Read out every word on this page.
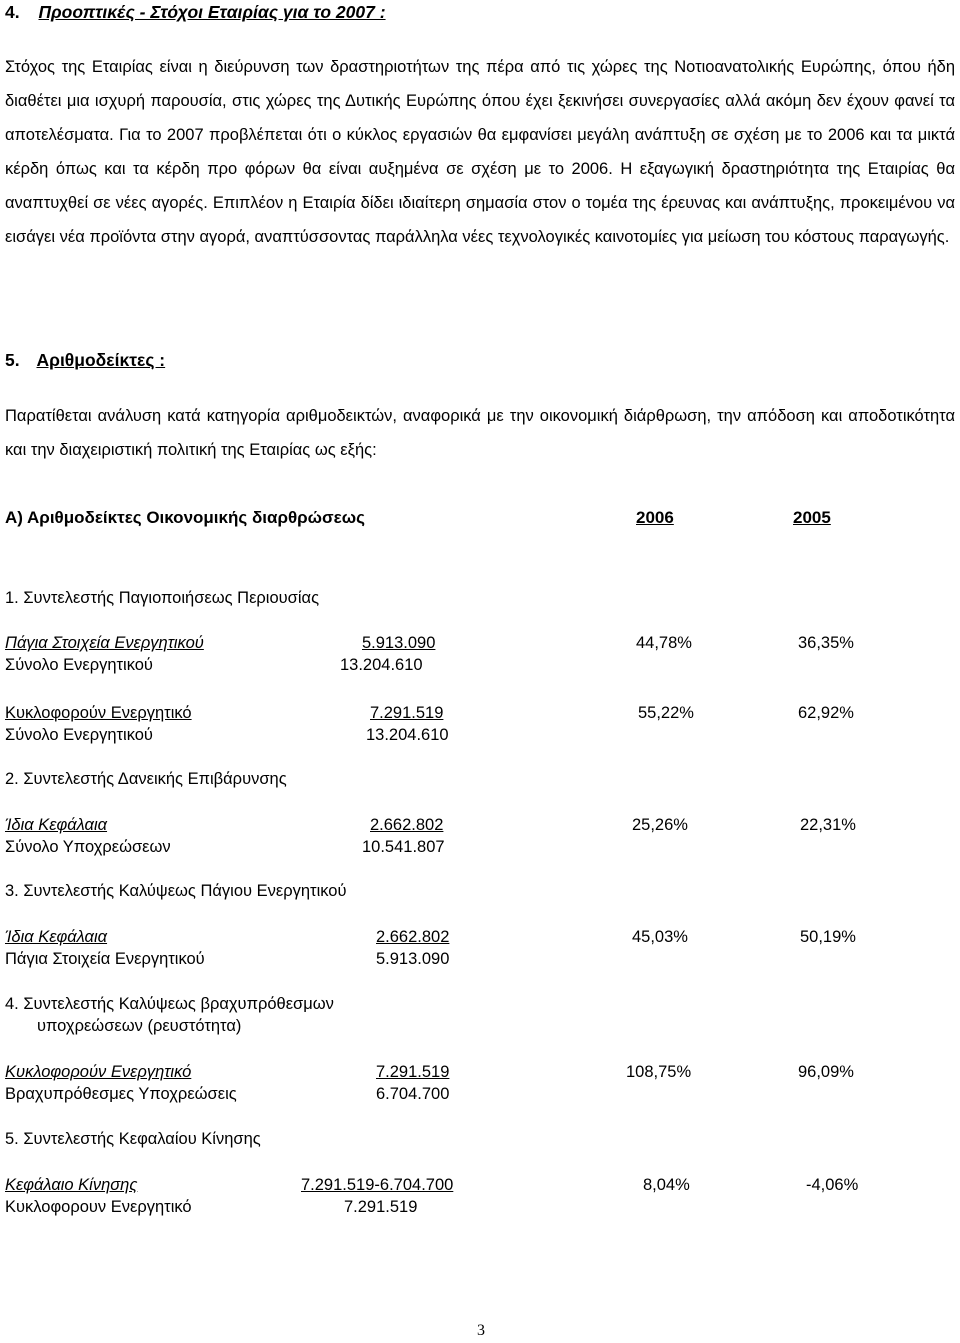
4. Προοπτικές - Στόχοι Εταιρίας για το 2007 :

Στόχος της Εταιρίας είναι η διεύρυνση των δραστηριοτήτων της πέρα από τις χώρες της Νοτιοανατολικής Ευρώπης, όπου ήδη διαθέτει μια ισχυρή παρουσία, στις χώρες της Δυτικής Ευρώπης όπου έχει ξεκινήσει συνεργασίες αλλά ακόμη δεν έχουν φανεί τα αποτελέσματα. Για το 2007 προβλέπεται ότι ο κύκλος εργασιών θα εμφανίσει μεγάλη ανάπτυξη σε σχέση με το 2006 και τα μικτά κέρδη όπως και τα κέρδη προ φόρων θα είναι αυξημένα σε σχέση με το 2006. Η εξαγωγική δραστηριότητα της Εταιρίας θα αναπτυχθεί σε νέες αγορές. Επιπλέον η Εταιρία δίδει ιδιαίτερη σημασία στον ο τομέα της έρευνας και ανάπτυξης, προκειμένου να εισάγει νέα προϊόντα στην αγορά, αναπτύσσοντας παράλληλα νέες τεχνολογικές καινοτομίες για μείωση του κόστους παραγωγής.

5. Αριθμοδείκτες :

Παρατίθεται ανάλυση κατά κατηγορία αριθμοδεικτών, αναφορικά με την οικονομική διάρθρωση, την απόδοση και αποδοτικότητα και την διαχειριστική πολιτική της Εταιρίας ως εξής:

Α) Αριθμοδείκτες Οικονομικής διαρθρώσεως	2006	2005
1. Συντελεστής Παγιοποιήσεως Περιουσίας
Πάγια Στοιχεία Ενεργητικού	5.913.090	44,78%	36,35%
Σύνολο Ενεργητικού	13.204.610
Κυκλοφορούν Ενεργητικό	7.291.519	55,22%	62,92%
Σύνολο Ενεργητικού	13.204.610
2. Συντελεστής Δανεικής Επιβάρυνσης
Ίδια Κεφάλαια	2.662.802	25,26%	22,31%
Σύνολο Υποχρεώσεων	10.541.807
3. Συντελεστής Καλύψεως Πάγιου Ενεργητικού
Ίδια Κεφάλαια	2.662.802	45,03%	50,19%
Πάγια Στοιχεία Ενεργητικού	5.913.090
4. Συντελεστής Καλύψεως βραχυπρόθεσμων
υποχρεώσεων (ρευστότητα)
Κυκλοφορούν Ενεργητικό	7.291.519	108,75%	96,09%
Βραχυπρόθεσμες Υποχρεώσεις	6.704.700
5. Συντελεστής Κεφαλαίου Κίνησης
Κεφάλαιο Κίνησης	7.291.519-6.704.700	8,04%	-4,06%
Κυκλοφορoυν Ενεργητικό	7.291.519
3
